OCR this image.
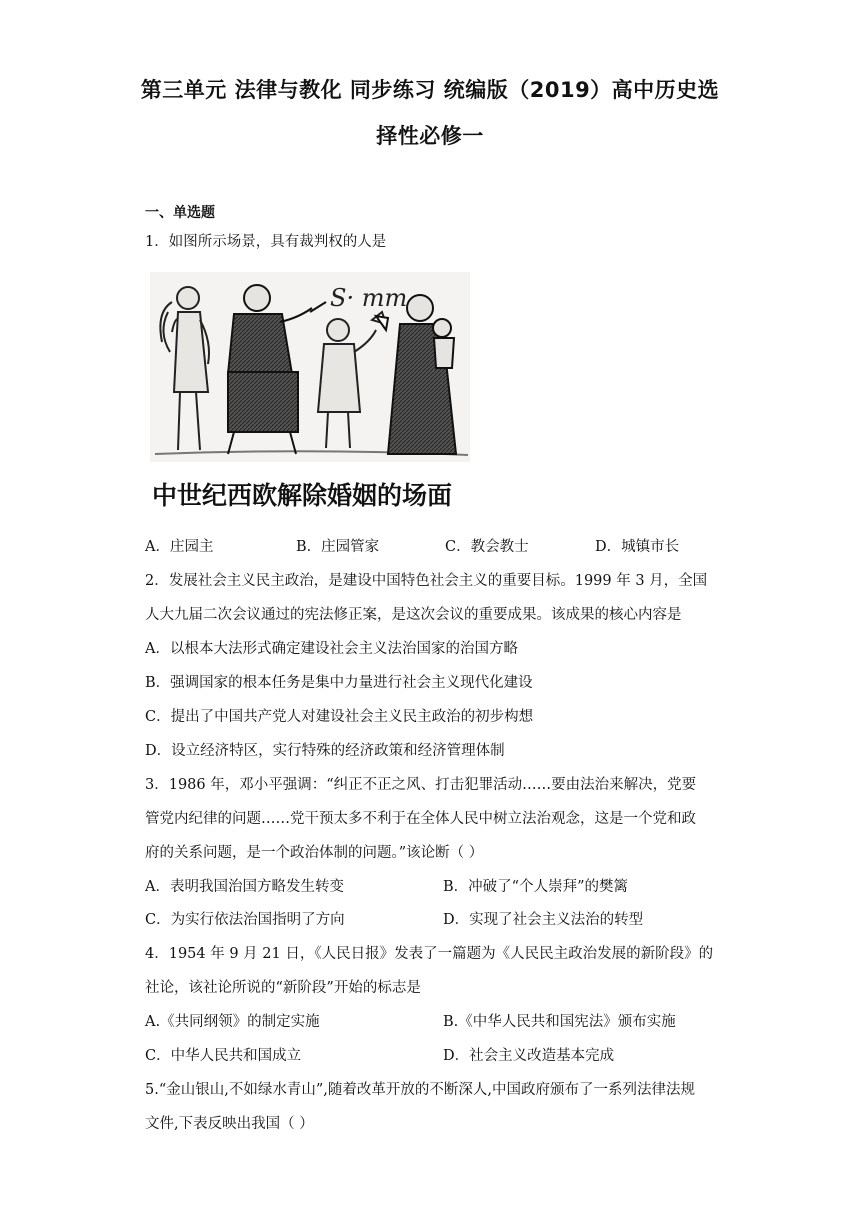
第三单元 法律与教化 同步练习 统编版（2019）高中历史选
择性必修一
一、单选题
1．如图所示场景，具有裁判权的人是
S· mm
中世纪西欧解除婚姻的场面
A．庄园主	B．庄园管家	C．教会教士	D．城镇市长
2．发展社会主义民主政治，是建设中国特色社会主义的重要目标。1999 年 3 月，全国
人大九届二次会议通过的宪法修正案，是这次会议的重要成果。该成果的核心内容是
A．以根本大法形式确定建设社会主义法治国家的治国方略
B．强调国家的根本任务是集中力量进行社会主义现代化建设
C．提出了中国共产党人对建设社会主义民主政治的初步构想
D．设立经济特区，实行特殊的经济政策和经济管理体制
3．1986 年，邓小平强调：“纠正不正之风、打击犯罪活动……要由法治来解决，党要
管党内纪律的问题……党干预太多不利于在全体人民中树立法治观念，这是一个党和政
府的关系问题，是一个政治体制的问题。”该论断（ ）
A．表明我国治国方略发生转变	B．冲破了“个人崇拜”的樊篱
C．为实行依法治国指明了方向	D．实现了社会主义法治的转型
4．1954 年 9 月 21 日，《人民日报》发表了一篇题为《人民民主政治发展的新阶段》的
社论，该社论所说的“新阶段”开始的标志是
A.《共同纲领》的制定实施	B.《中华人民共和国宪法》颁布实施
C．中华人民共和国成立	D．社会主义改造基本完成
5.“金山银山,不如绿水青山”,随着改革开放的不断深人,中国政府颁布了一系列法律法规
文件,下表反映出我国（ ）
